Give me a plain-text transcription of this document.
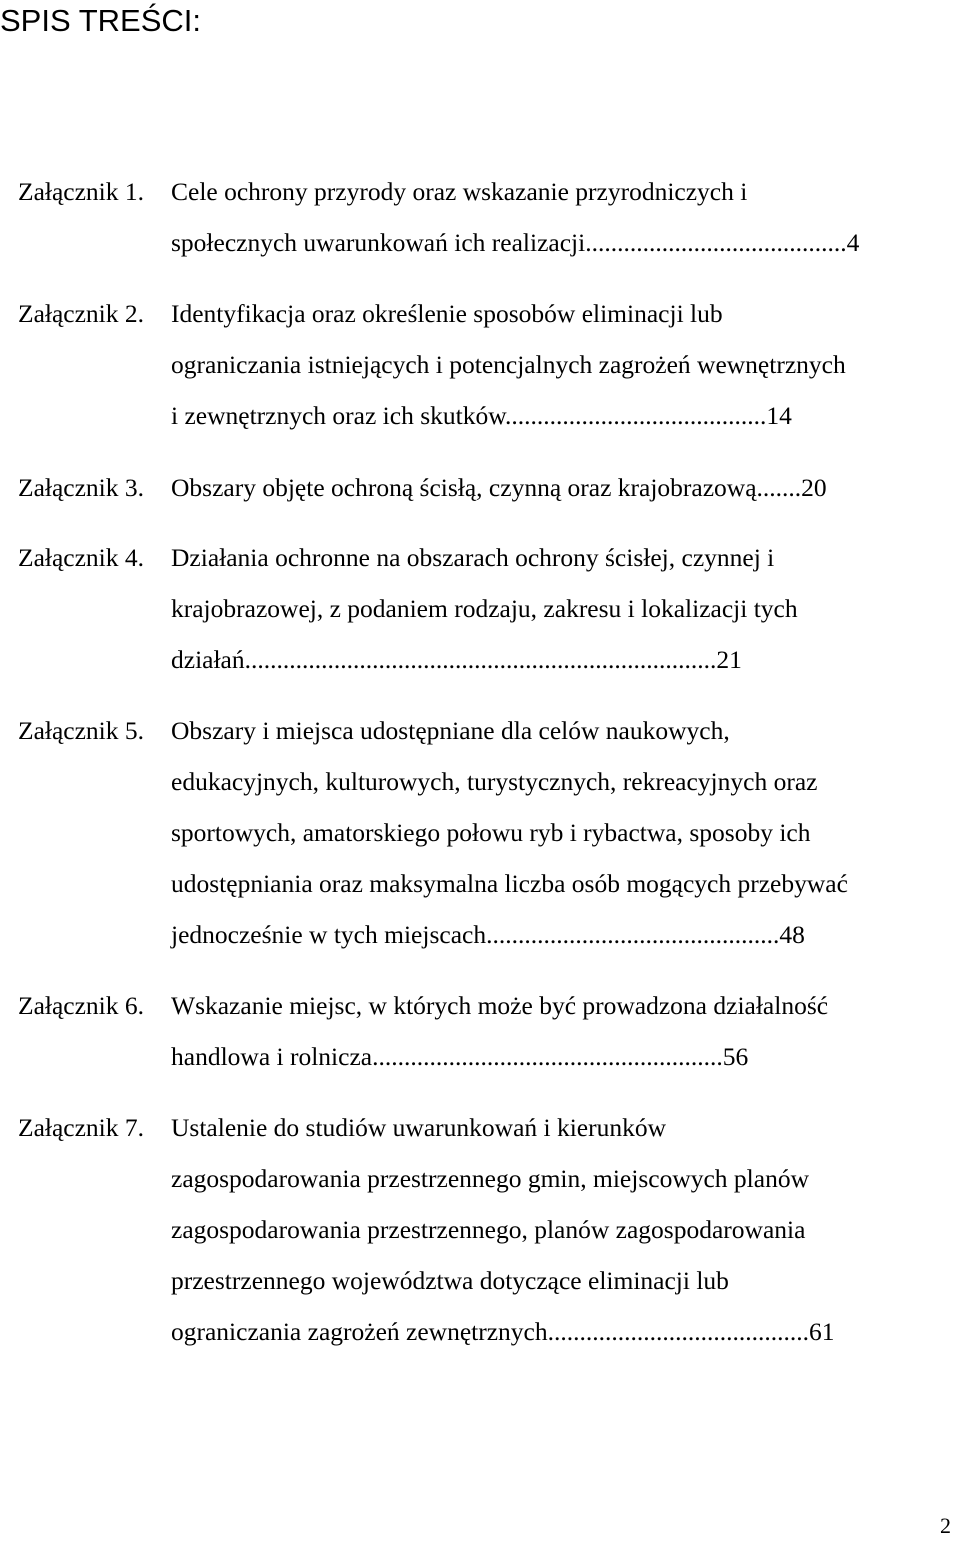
SPIS TREŚCI:
Załącznik 1. Cele ochrony przyrody oraz wskazanie przyrodniczych i
społecznych uwarunkowań ich realizacji.........................................4
Załącznik 2. Identyfikacja oraz określenie sposobów eliminacji lub
ograniczania istniejących i potencjalnych zagrożeń wewnętrznych
i zewnętrznych oraz ich skutków.........................................14
Załącznik 3. Obszary objęte ochroną ścisłą, czynną oraz krajobrazową.......20
Załącznik 4. Działania ochronne na obszarach ochrony ścisłej, czynnej i
krajobrazowej, z podaniem rodzaju, zakresu i lokalizacji tych
działań..........................................................................21
Załącznik 5. Obszary i miejsca udostępniane dla celów naukowych,
edukacyjnych, kulturowych, turystycznych, rekreacyjnych oraz
sportowych, amatorskiego połowu ryb i rybactwa, sposoby ich
udostępniania oraz maksymalna liczba osób mogących przebywać
jednocześnie w tych miejscach..............................................48
Załącznik 6. Wskazanie miejsc, w których może być prowadzona działalność
handlowa i rolnicza.......................................................56
Załącznik 7. Ustalenie do studiów uwarunkowań i kierunków
zagospodarowania przestrzennego gmin, miejscowych planów
zagospodarowania przestrzennego, planów zagospodarowania
przestrzennego województwa dotyczące eliminacji lub
ograniczania zagrożeń zewnętrznych.........................................61
2
